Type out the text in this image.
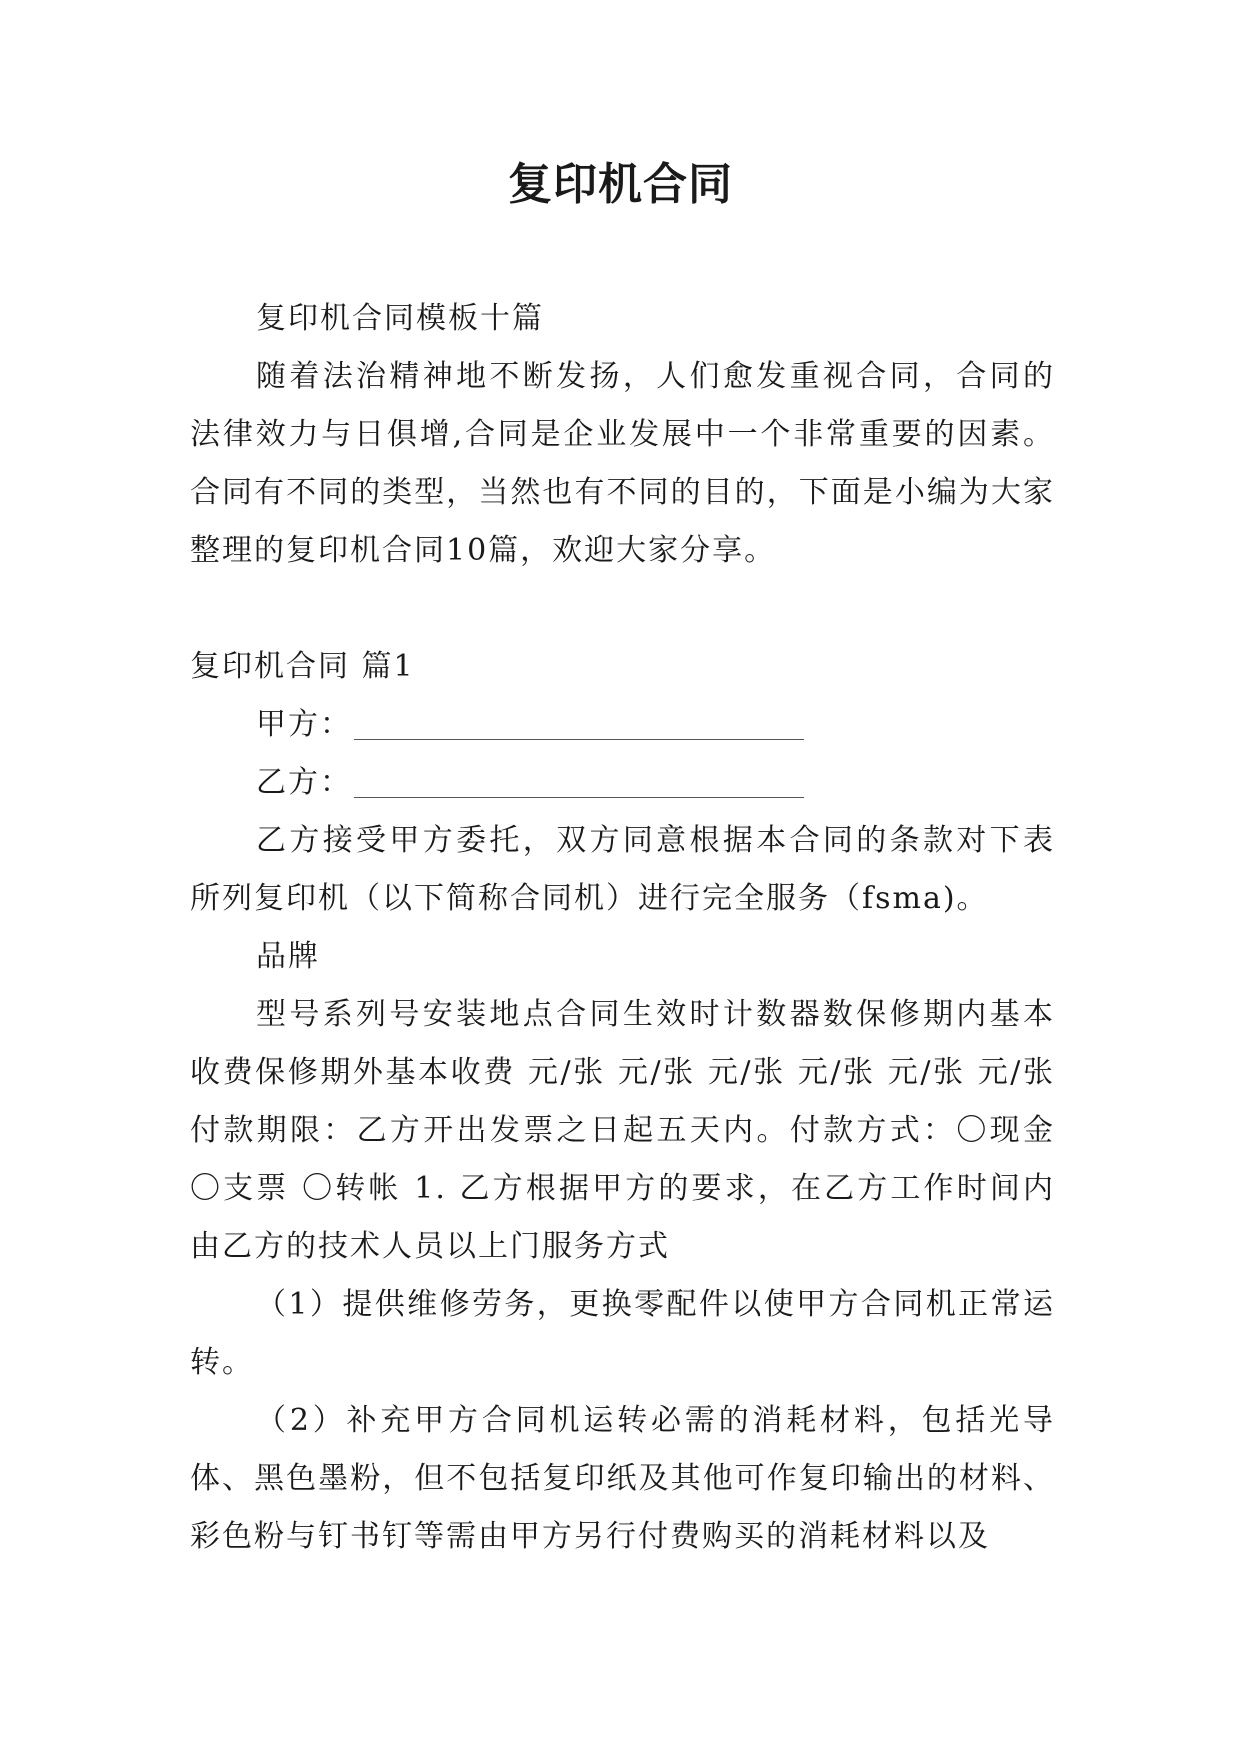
复印机合同

复印机合同模板十篇

随着法治精神地不断发扬，人们愈发重视合同，合同的法律效力与日俱增,合同是企业发展中一个非常重要的因素。合同有不同的类型，当然也有不同的目的，下面是小编为大家整理的复印机合同10篇，欢迎大家分享。

复印机合同 篇1

甲方：

乙方：

乙方接受甲方委托，双方同意根据本合同的条款对下表所列复印机（以下简称合同机）进行完全服务（fsma)。

品牌

型号系列号安装地点合同生效时计数器数保修期内基本收费保修期外基本收费 元/张 元/张 元/张 元/张 元/张 元/张付款期限：乙方开出发票之日起五天内。付款方式：〇现金 〇支票 〇转帐 1. 乙方根据甲方的要求，在乙方工作时间内由乙方的技术人员以上门服务方式

（1）提供维修劳务，更换零配件以使甲方合同机正常运转。

（2）补充甲方合同机运转必需的消耗材料，包括光导体、黑色墨粉，但不包括复印纸及其他可作复印输出的材料、彩色粉与钉书钉等需由甲方另行付费购买的消耗材料以及
